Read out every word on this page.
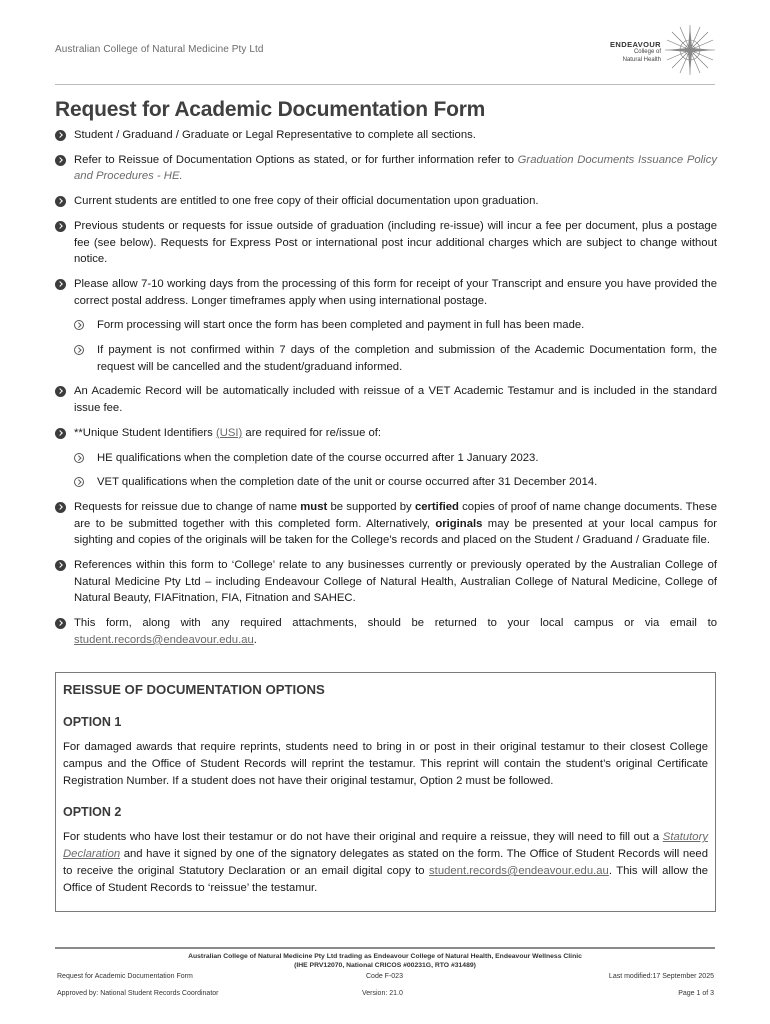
Australian College of Natural Medicine Pty Ltd	ENDEAVOUR
College of
Natural Health
Request for Academic Documentation Form
Student / Graduand / Graduate or Legal Representative to complete all sections.
Refer to Reissue of Documentation Options as stated, or for further information refer to Graduation Documents Issuance Policy and Procedures - HE.
Current students are entitled to one free copy of their official documentation upon graduation.
Previous students or requests for issue outside of graduation (including re-issue) will incur a fee per document, plus a postage fee (see below). Requests for Express Post or international post incur additional charges which are subject to change without notice.
Please allow 7-10 working days from the processing of this form for receipt of your Transcript and ensure you have provided the correct postal address. Longer timeframes apply when using international postage.
Form processing will start once the form has been completed and payment in full has been made.
If payment is not confirmed within 7 days of the completion and submission of the Academic Documentation form, the request will be cancelled and the student/graduand informed.
An Academic Record will be automatically included with reissue of a VET Academic Testamur and is included in the standard issue fee.
**Unique Student Identifiers (USI) are required for re/issue of:
HE qualifications when the completion date of the course occurred after 1 January 2023.
VET qualifications when the completion date of the unit or course occurred after 31 December 2014.
Requests for reissue due to change of name must be supported by certified copies of proof of name change documents. These are to be submitted together with this completed form. Alternatively, originals may be presented at your local campus for sighting and copies of the originals will be taken for the College’s records and placed on the Student / Graduand / Graduate file.
References within this form to ‘College’ relate to any businesses currently or previously operated by the Australian College of Natural Medicine Pty Ltd – including Endeavour College of Natural Health, Australian College of Natural Medicine, College of Natural Beauty, FIAFitnation, FIA, Fitnation and SAHEC.
This form, along with any required attachments, should be returned to your local campus or via email to student.records@endeavour.edu.au.
REISSUE OF DOCUMENTATION OPTIONS
OPTION 1

For damaged awards that require reprints, students need to bring in or post in their original testamur to their closest College campus and the Office of Student Records will reprint the testamur. This reprint will contain the student’s original Certificate Registration Number. If a student does not have their original testamur, Option 2 must be followed.

OPTION 2

For students who have lost their testamur or do not have their original and require a reissue, they will need to fill out a Statutory Declaration and have it signed by one of the signatory delegates as stated on the form. The Office of Student Records will need to receive the original Statutory Declaration or an email digital copy to student.records@endeavour.edu.au. This will allow the Office of Student Records to ‘reissue’ the testamur.

Australian College of Natural Medicine Pty Ltd trading as Endeavour College of Natural Health, Endeavour Wellness Clinic
(IHE PRV12070, National CRICOS #00231G, RTO #31489)
Request for Academic Documentation Form	Code F-023	Last modified:17 September 2025
Approved by: National Student Records Coordinator	Version: 21.0	Page 1 of 3
